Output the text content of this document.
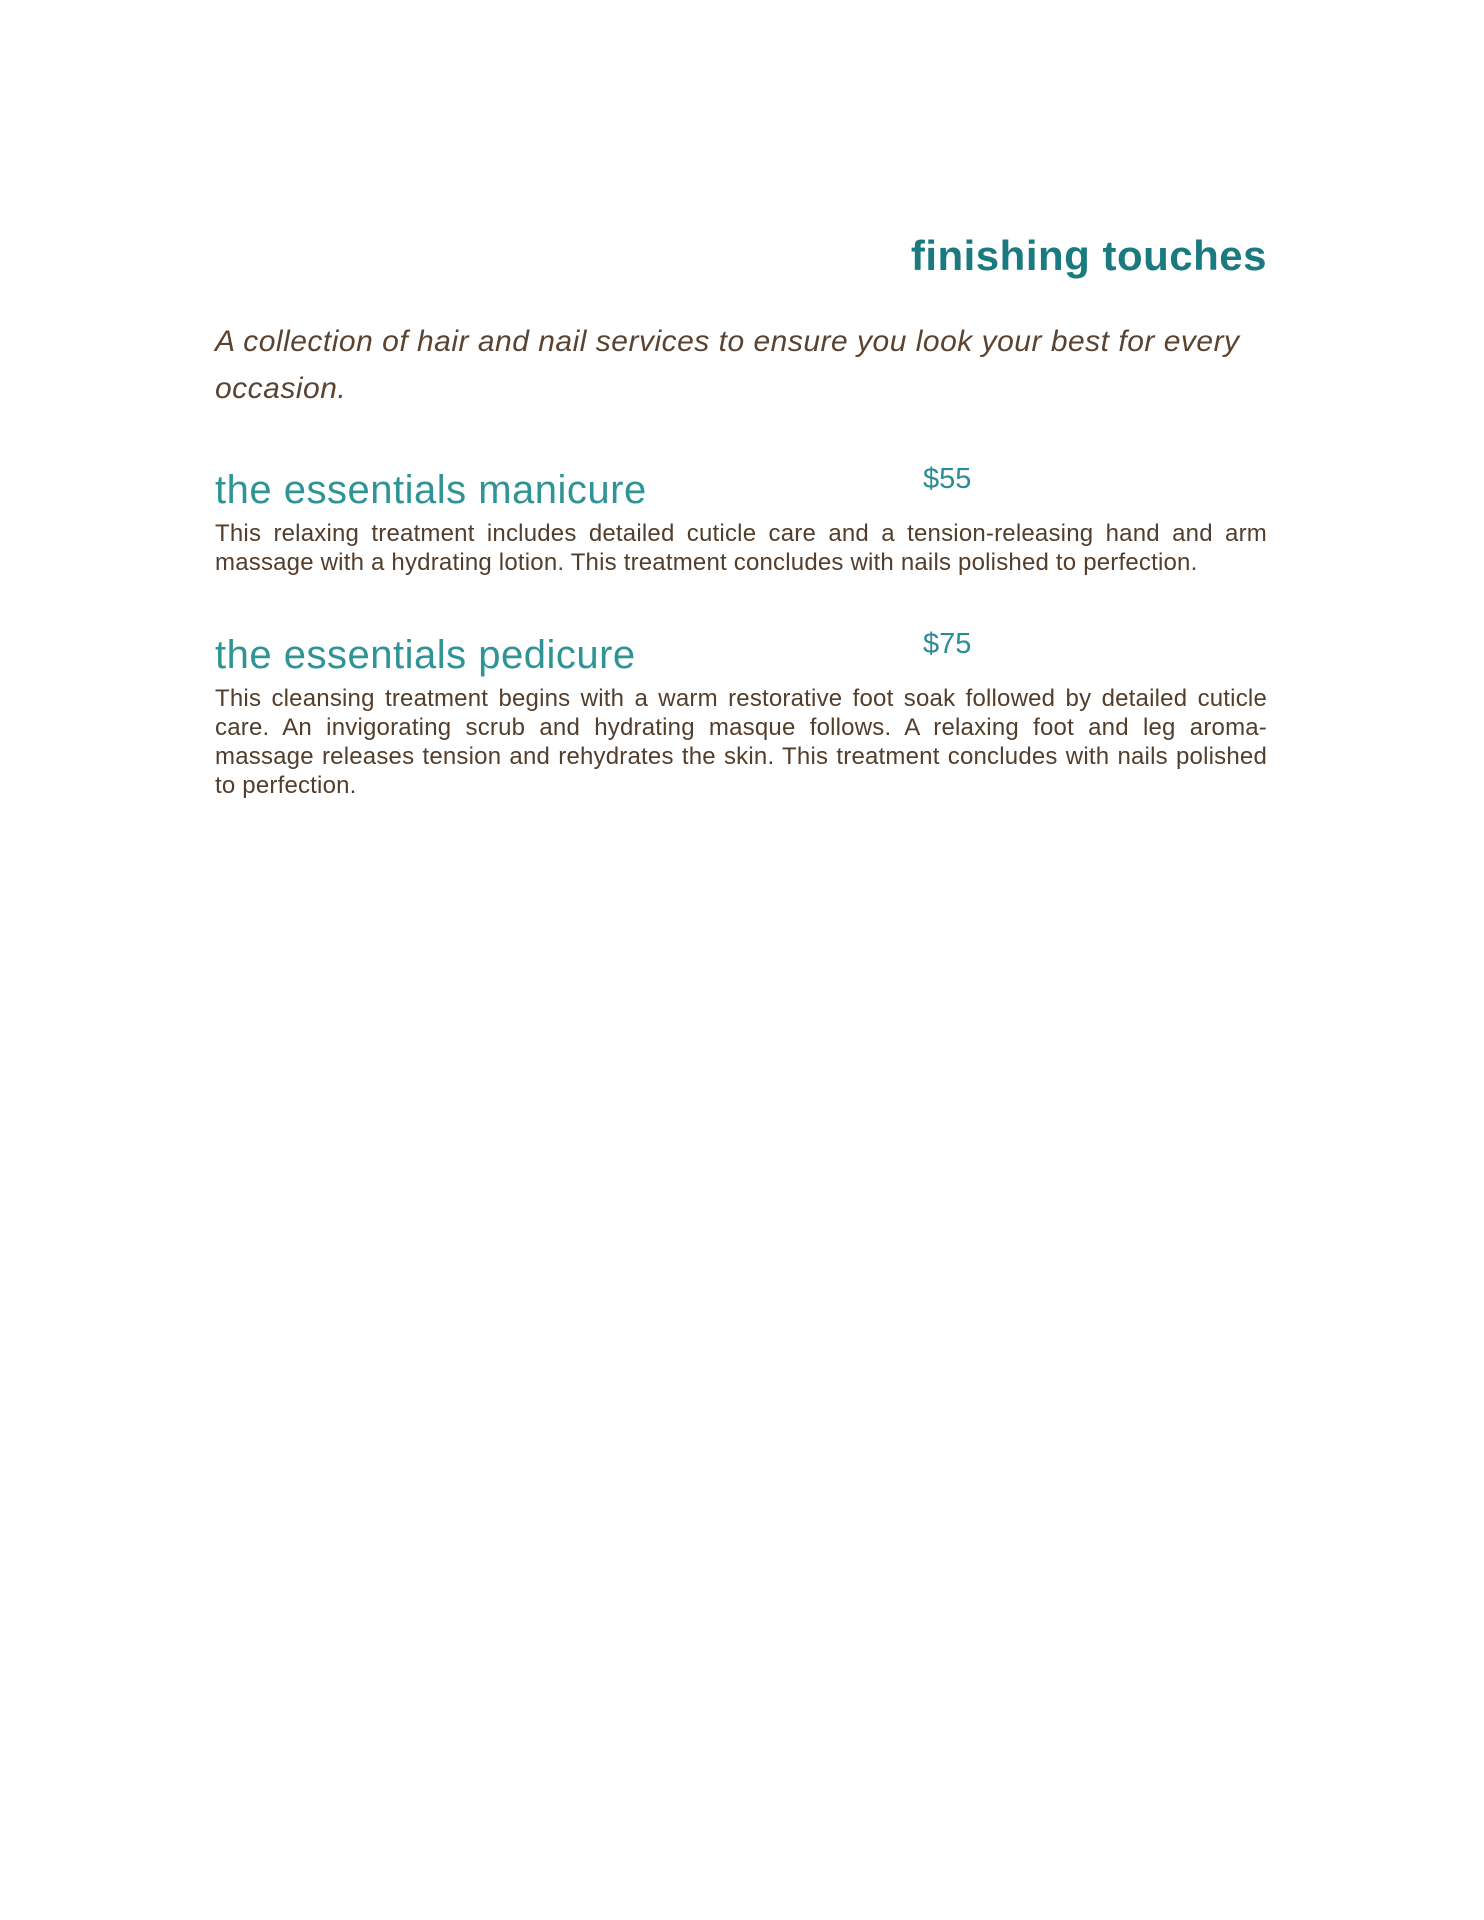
finishing touches

A collection of hair and nail services to ensure you look your best for every occasion.

the essentials manicure	$55

This relaxing treatment includes detailed cuticle care and a tension-releasing hand and arm massage with a hydrating lotion. This treatment concludes with nails polished to perfection.

the essentials pedicure	$75

This cleansing treatment begins with a warm restorative foot soak followed by detailed cuticle care. An invigorating scrub and hydrating masque follows. A relaxing foot and leg aroma-massage releases tension and rehydrates the skin. This treatment concludes with nails polished to perfection.
